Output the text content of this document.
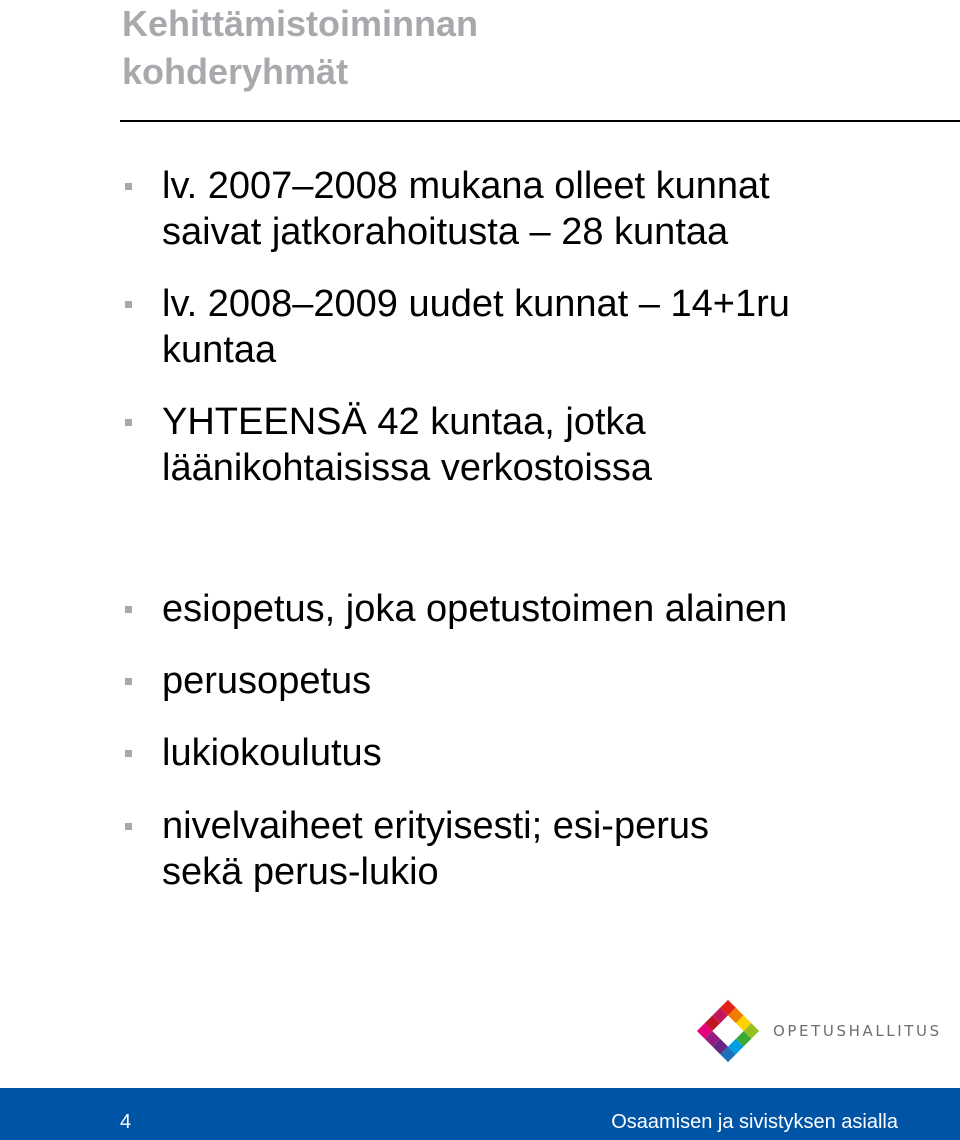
Kehittämistoiminnan
kohderyhmät
lv. 2007–2008 mukana olleet kunnat
saivat jatkorahoitusta – 28 kuntaa
lv. 2008–2009 uudet kunnat – 14+1ru
kuntaa
YHTEENSÄ 42 kuntaa, jotka
läänikohtaisissa verkostoissa
esiopetus, joka opetustoimen alainen
perusopetus
lukiokoulutus
nivelvaiheet erityisesti; esi-perus
sekä perus-lukio
OPETUSHALLITUS
4	Osaamisen ja sivistyksen asialla
